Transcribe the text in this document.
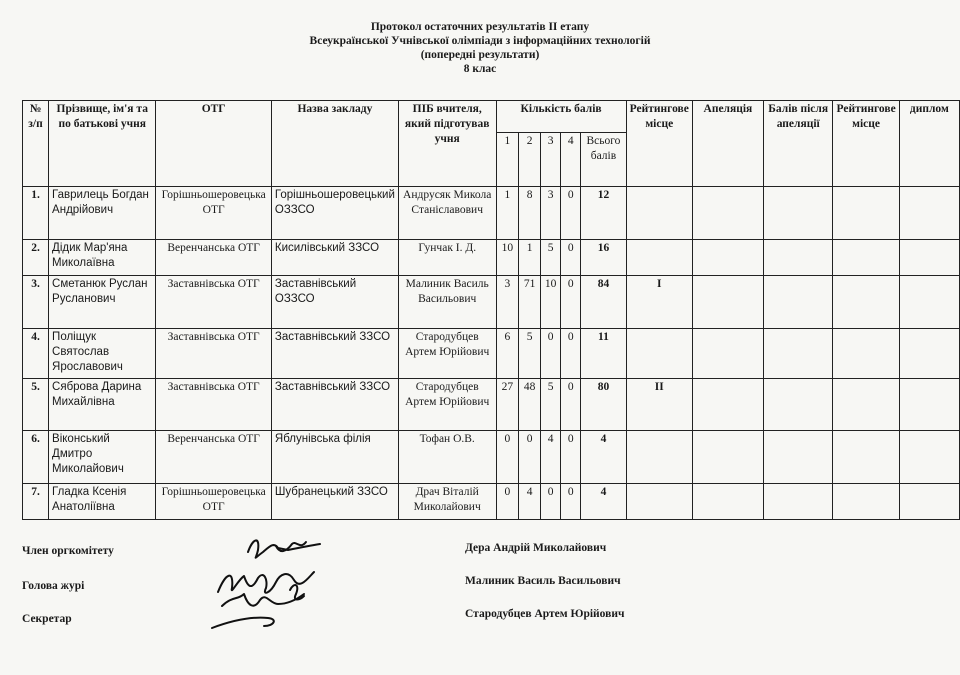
Протокол остаточних результатів II етапу
Всеукраїнської Учнівської олімпіади з інформаційних технологій
(попередні результати)
8 клас
№ з/п	Прізвище, ім'я та по батькові учня	ОТГ	Назва закладу	ПІБ вчителя, який підготував учня	Кількість балів					Рейтингове місце	Апеляція	Балів після апеляції	Рейтингове місце	диплом
					1	2	3	4	Всього балів					
1.	Гаврилець Богдан Андрійович	Горішньошеровецька ОТГ	Горішньошеровецький ОЗЗСО	Андрусяк Микола Станіславович	1	8	3	0	12					
2.	Дідик Мар'яна Миколаївна	Веренчанська ОТГ	Кисилівський ЗЗСО	Гунчак І. Д.	10	1	5	0	16					
3.	Сметанюк Руслан Русланович	Заставнівська ОТГ	Заставнівський ОЗЗСО	Малиник Василь Васильович	3	71	10	0	84	I				
4.	Поліщук Святослав Ярославович	Заставнівська ОТГ	Заставнівський ЗЗСО	Стародубцев Артем Юрійович	6	5	0	0	11					
5.	Сяброва Дарина Михайлівна	Заставнівська ОТГ	Заставнівський ЗЗСО	Стародубцев Артем Юрійович	27	48	5	0	80	II				
6.	Віконський Дмитро Миколайович	Веренчанська ОТГ	Яблунівська філія	Тофан О.В.	0	0	4	0	4					
7.	Гладка Ксенія Анатоліївна	Горішньошеровецька ОТГ	Шубранецький ЗЗСО	Драч Віталій Миколайович	0	4	0	0	4					
Член оргкомітету
Голова журі
Секретар
Дера Андрій Миколайович
Малиник Василь Васильович
Стародубцев Артем Юрійович
